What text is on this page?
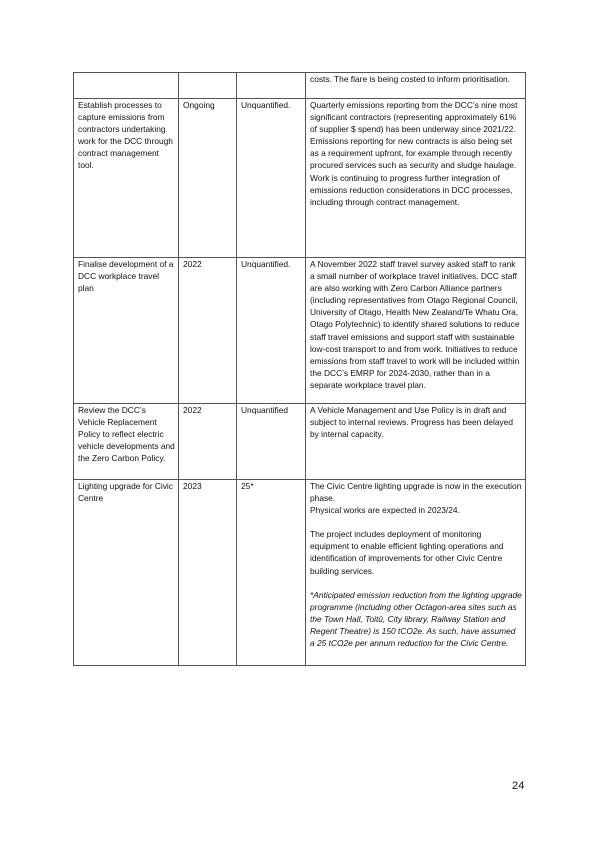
			costs. The flare is being costed to inform prioritisation.

Establish processes to capture emissions from contractors undertaking work for the DCC through contract management tool.	Ongoing	Unquantified.	Quarterly emissions reporting from the DCC’s nine most significant contractors (representing approximately 61% of supplier $ spend) has been underway since 2021/22.
Emissions reporting for new contracts is also being set as a requirement upfront, for example through recently procured services such as security and sludge haulage.
Work is continuing to progress further integration of emissions reduction considerations in DCC processes, including through contract management.

Finalise development of a DCC workplace travel plan	2022	Unquantified.	A November 2022 staff travel survey asked staff to rank a small number of workplace travel initiatives. DCC staff are also working with Zero Carbon Alliance partners (including representatives from Otago Regional Council, University of Otago, Health New Zealand/Te Whatu Ora, Otago Polytechnic) to identify shared solutions to reduce staff travel emissions and support staff with sustainable low-cost transport to and from work. Initiatives to reduce emissions from staff travel to work will be included within the DCC’s EMRP for 2024-2030, rather than in a separate workplace travel plan.

Review the DCC’s Vehicle Replacement Policy to reflect electric vehicle developments and the Zero Carbon Policy.	2022	Unquantified	A Vehicle Management and Use Policy is in draft and subject to internal reviews. Progress has been delayed by internal capacity.

Lighting upgrade for Civic Centre	2023	25*	The Civic Centre lighting upgrade is now in the execution phase.
Physical works are expected in 2023/24.
The project includes deployment of monitoring equipment to enable efficient lighting operations and identification of improvements for other Civic Centre building services.
*Anticipated emission reduction from the lighting upgrade programme (including other Octagon-area sites such as the Town Hall, Toitū, City library, Railway Station and Regent Theatre) is 150 tCO2e. As such, have assumed a 25 tCO2e per annum reduction for the Civic Centre.
24
